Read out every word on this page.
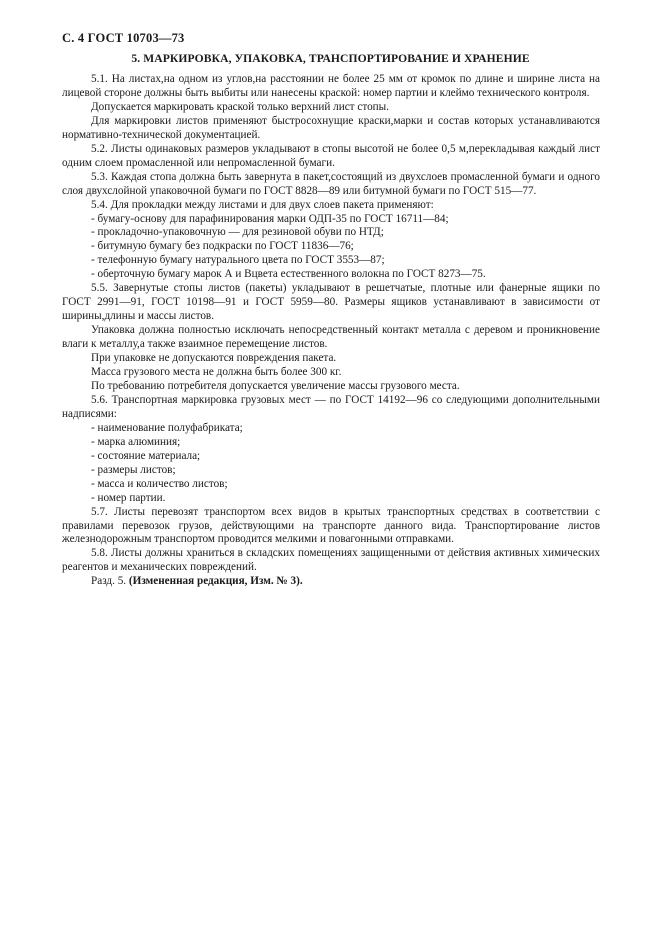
С. 4 ГОСТ 10703—73
5. МАРКИРОВКА, УПАКОВКА, ТРАНСПОРТИРОВАНИЕ И ХРАНЕНИЕ

5.1. На листах,на одном из углов,на расстоянии не более 25 мм от кромок по длине и ширине листа на лицевой стороне должны быть выбиты или нанесены краской: номер партии и клеймо технического контроля.

Допускается маркировать краской только верхний лист стопы.

Для маркировки листов применяют быстросохнущие краски,марки и состав которых устанавливаются нормативно-технической документацией.

5.2. Листы одинаковых размеров укладывают в стопы высотой не более 0,5 м,перекладывая каждый лист одним слоем промасленной или непромасленной бумаги.

5.3. Каждая стопа должна быть завернута в пакет,состоящий из двухслоев промасленной бумаги и одного слоя двухслойной упаковочной бумаги по ГОСТ 8828—89 или битумной бумаги по ГОСТ 515—77.

5.4. Для прокладки между листами и для двух слоев пакета применяют:

- бумагу-основу для парафинирования марки ОДП-35 по ГОСТ 16711—84;

- прокладочно-упаковочную — для резиновой обуви по НТД;

- битумную бумагу без подкраски по ГОСТ 11836—76;

- телефонную бумагу натурального цвета по ГОСТ 3553—87;

- оберточную бумагу марок А и Вцвета естественного волокна по ГОСТ 8273—75.

5.5. Завернутые стопы листов (пакеты) укладывают в решетчатые, плотные или фанерные ящики по ГОСТ 2991—91, ГОСТ 10198—91 и ГОСТ 5959—80. Размеры ящиков устанавливают в зависимости от ширины,длины и массы листов.

Упаковка должна полностью исключать непосредственный контакт металла с деревом и проникновение влаги к металлу,а также взаимное перемещение листов.

При упаковке не допускаются повреждения пакета.

Масса грузового места не должна быть более 300 кг.

По требованию потребителя допускается увеличение массы грузового места.

5.6. Транспортная маркировка грузовых мест — по ГОСТ 14192—96 со следующими дополнительными надписями:

- наименование полуфабриката;

- марка алюминия;

- состояние материала;

- размеры листов;

- масса и количество листов;

- номер партии.

5.7. Листы перевозят транспортом всех видов в крытых транспортных средствах в соответствии с правилами перевозок грузов, действующими на транспорте данного вида. Транспортирование листов железнодорожным транспортом проводится мелкими и повагонными отправками.

5.8. Листы должны храниться в складских помещениях защищенными от действия активных химических реагентов и механических повреждений.

Разд. 5. (Измененная редакция, Изм. № 3).
